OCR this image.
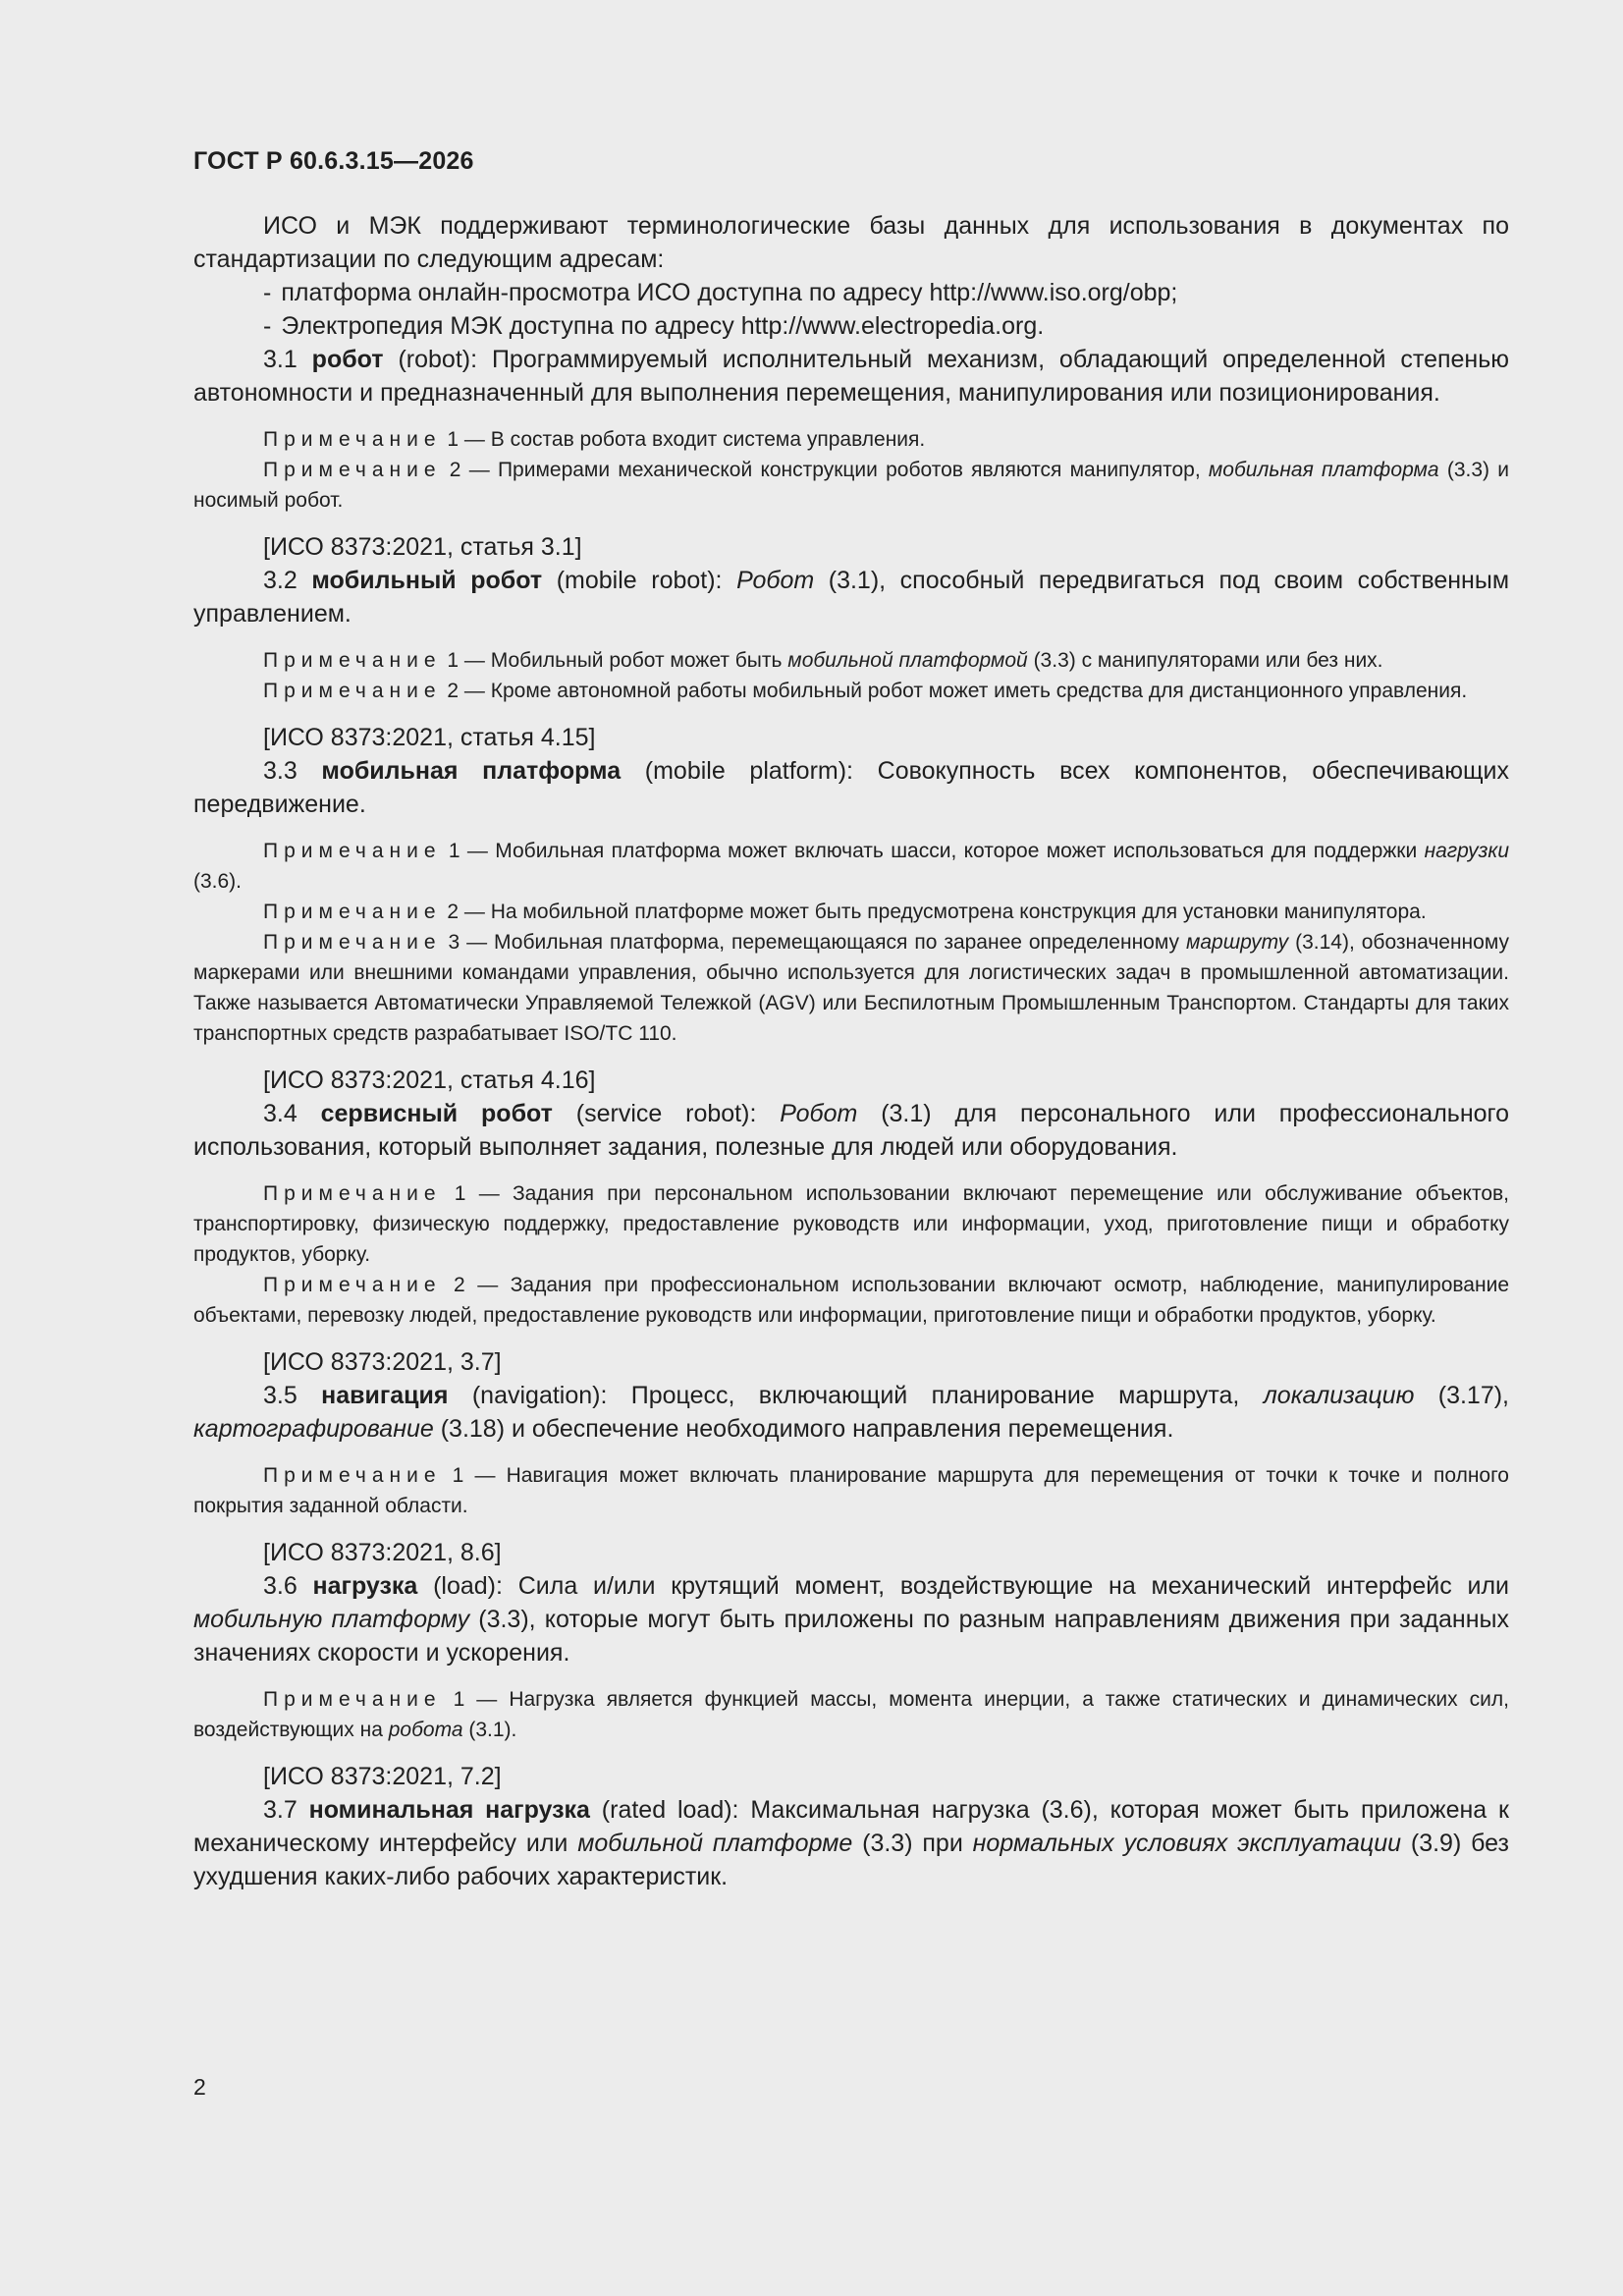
ГОСТ Р 60.6.3.15—2026

ИСО и МЭК поддерживают терминологические базы данных для использования в документах по стандартизации по следующим адресам:

- платформа онлайн-просмотра ИСО доступна по адресу http://www.iso.org/obp;

- Электропедия МЭК доступна по адресу http://www.electropedia.org.

3.1 робот (robot): Программируемый исполнительный механизм, обладающий определенной степенью автономности и предназначенный для выполнения перемещения, манипулирования или позиционирования.

Примечание 1 — В состав робота входит система управления.

Примечание 2 — Примерами механической конструкции роботов являются манипулятор, мобильная платформа (3.3) и носимый робот.

[ИСО 8373:2021, статья 3.1]

3.2 мобильный робот (mobile robot): Робот (3.1), способный передвигаться под своим собственным управлением.

Примечание 1 — Мобильный робот может быть мобильной платформой (3.3) с манипуляторами или без них.

Примечание 2 — Кроме автономной работы мобильный робот может иметь средства для дистанционного управления.

[ИСО 8373:2021, статья 4.15]

3.3 мобильная платформа (mobile platform): Совокупность всех компонентов, обеспечивающих передвижение.

Примечание 1 — Мобильная платформа может включать шасси, которое может использоваться для поддержки нагрузки (3.6).

Примечание 2 — На мобильной платформе может быть предусмотрена конструкция для установки манипулятора.

Примечание 3 — Мобильная платформа, перемещающаяся по заранее определенному маршруту (3.14), обозначенному маркерами или внешними командами управления, обычно используется для логистических задач в промышленной автоматизации. Также называется Автоматически Управляемой Тележкой (AGV) или Беспилотным Промышленным Транспортом. Стандарты для таких транспортных средств разрабатывает ISO/TC 110.

[ИСО 8373:2021, статья 4.16]

3.4 сервисный робот (service robot): Робот (3.1) для персонального или профессионального использования, который выполняет задания, полезные для людей или оборудования.

Примечание 1 — Задания при персональном использовании включают перемещение или обслуживание объектов, транспортировку, физическую поддержку, предоставление руководств или информации, уход, приготовление пищи и обработку продуктов, уборку.

Примечание 2 — Задания при профессиональном использовании включают осмотр, наблюдение, манипулирование объектами, перевозку людей, предоставление руководств или информации, приготовление пищи и обработки продуктов, уборку.

[ИСО 8373:2021, 3.7]

3.5 навигация (navigation): Процесс, включающий планирование маршрута, локализацию (3.17), картографирование (3.18) и обеспечение необходимого направления перемещения.

Примечание 1 — Навигация может включать планирование маршрута для перемещения от точки к точке и полного покрытия заданной области.

[ИСО 8373:2021, 8.6]

3.6 нагрузка (load): Сила и/или крутящий момент, воздействующие на механический интерфейс или мобильную платформу (3.3), которые могут быть приложены по разным направлениям движения при заданных значениях скорости и ускорения.

Примечание 1 — Нагрузка является функцией массы, момента инерции, а также статических и динамических сил, воздействующих на робота (3.1).

[ИСО 8373:2021, 7.2]

3.7 номинальная нагрузка (rated load): Максимальная нагрузка (3.6), которая может быть приложена к механическому интерфейсу или мобильной платформе (3.3) при нормальных условиях эксплуатации (3.9) без ухудшения каких-либо рабочих характеристик.

2
